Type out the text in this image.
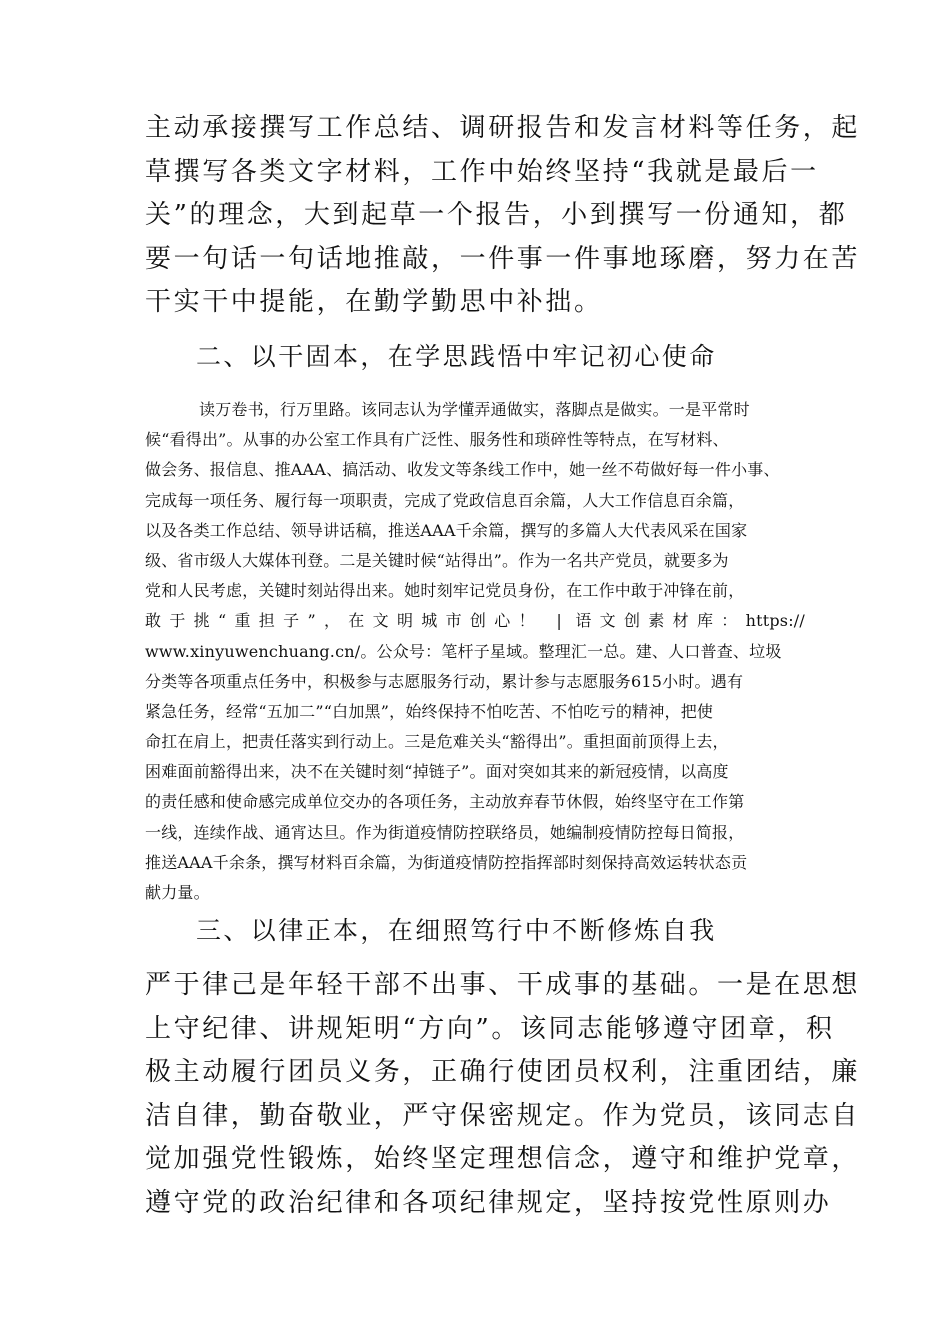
主动承接撰写工作总结、调研报告和发言材料等任务，起
草撰写各类文字材料，工作中始终坚持“我就是最后一
关”的理念，大到起草一个报告，小到撰写一份通知，都
要一句话一句话地推敲，一件事一件事地琢磨，努力在苦
干实干中提能，在勤学勤思中补拙。
二、以干固本，在学思践悟中牢记初心使命
读万卷书，行万里路。该同志认为学懂弄通做实，落脚点是做实。一是平常时
候“看得出”。从事的办公室工作具有广泛性、服务性和琐碎性等特点，在写材料、
做会务、报信息、推AAA、搞活动、收发文等条线工作中，她一丝不苟做好每一件小事、
完成每一项任务、履行每一项职责，完成了党政信息百余篇，人大工作信息百余篇，
以及各类工作总结、领导讲话稿，推送AAA千余篇，撰写的多篇人大代表风采在国家
级、省市级人大媒体刊登。二是关键时候“站得出”。作为一名共产党员，就要多为
党和人民考虑，关键时刻站得出来。她时刻牢记党员身份，在工作中敢于冲锋在前，
敢于挑“重担子”，在文明城市创心！ | 语文创素材库：https://
www.xinyuwenchuang.cn/。公众号：笔杆子星域。整理汇一总。建、人口普查、垃圾
分类等各项重点任务中，积极参与志愿服务行动，累计参与志愿服务615小时。遇有
紧急任务，经常“五加二”“白加黑”，始终保持不怕吃苦、不怕吃亏的精神，把使
命扛在肩上，把责任落实到行动上。三是危难关头“豁得出”。重担面前顶得上去，
困难面前豁得出来，决不在关键时刻“掉链子”。面对突如其来的新冠疫情，以高度
的责任感和使命感完成单位交办的各项任务，主动放弃春节休假，始终坚守在工作第
一线，连续作战、通宵达旦。作为街道疫情防控联络员，她编制疫情防控每日简报，
推送AAA千余条，撰写材料百余篇，为街道疫情防控指挥部时刻保持高效运转状态贡
献力量。
三、以律正本，在细照笃行中不断修炼自我
严于律己是年轻干部不出事、干成事的基础。一是在思想
上守纪律、讲规矩明“方向”。该同志能够遵守团章，积
极主动履行团员义务，正确行使团员权利，注重团结，廉
洁自律，勤奋敬业，严守保密规定。作为党员，该同志自
觉加强党性锻炼，始终坚定理想信念，遵守和维护党章，
遵守党的政治纪律和各项纪律规定，坚持按党性原则办
